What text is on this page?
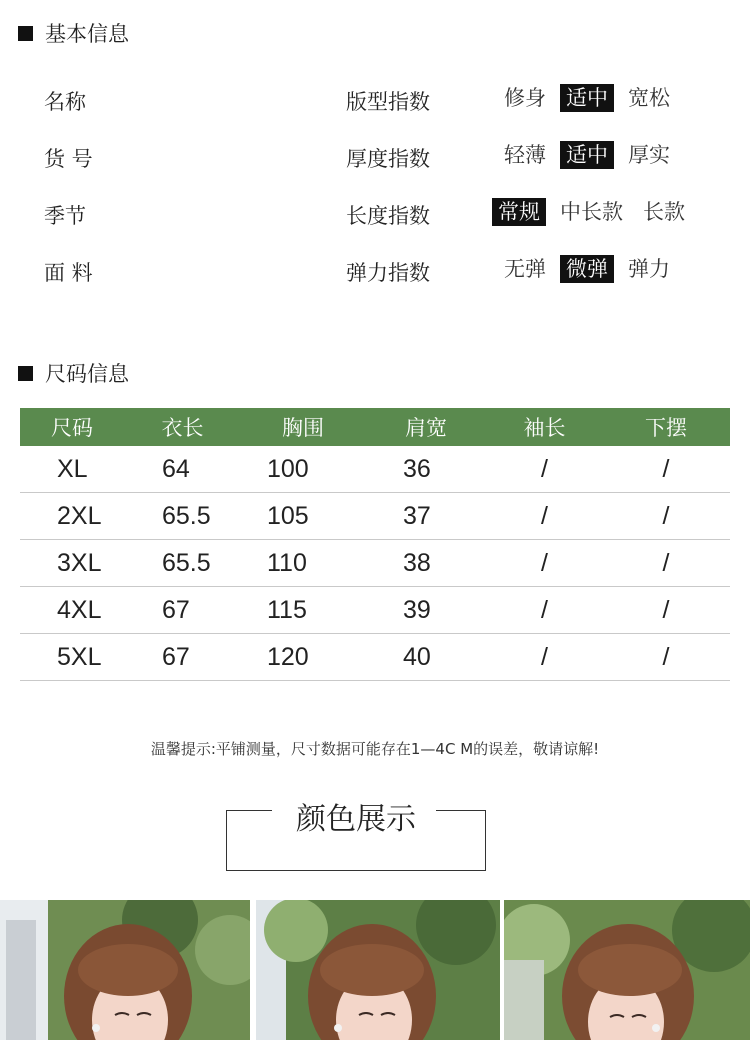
基本信息
名称	版型指数	修身 适中 宽松
货 号	厚度指数	轻薄 适中 厚实
季节	长度指数	常规 中长款 长款
面 料	弹力指数	无弹 微弹 弹力
尺码信息
尺码	衣长	胸围	肩宽	袖长	下摆
XL	64	100	36	/	/
2XL	65.5	105	37	/	/
3XL	65.5	110	38	/	/
4XL	67	115	39	/	/
5XL	67	120	40	/	/
温馨提示:平铺测量，尺寸数据可能存在1—4C M的误差，敬请谅解!
颜色展示
